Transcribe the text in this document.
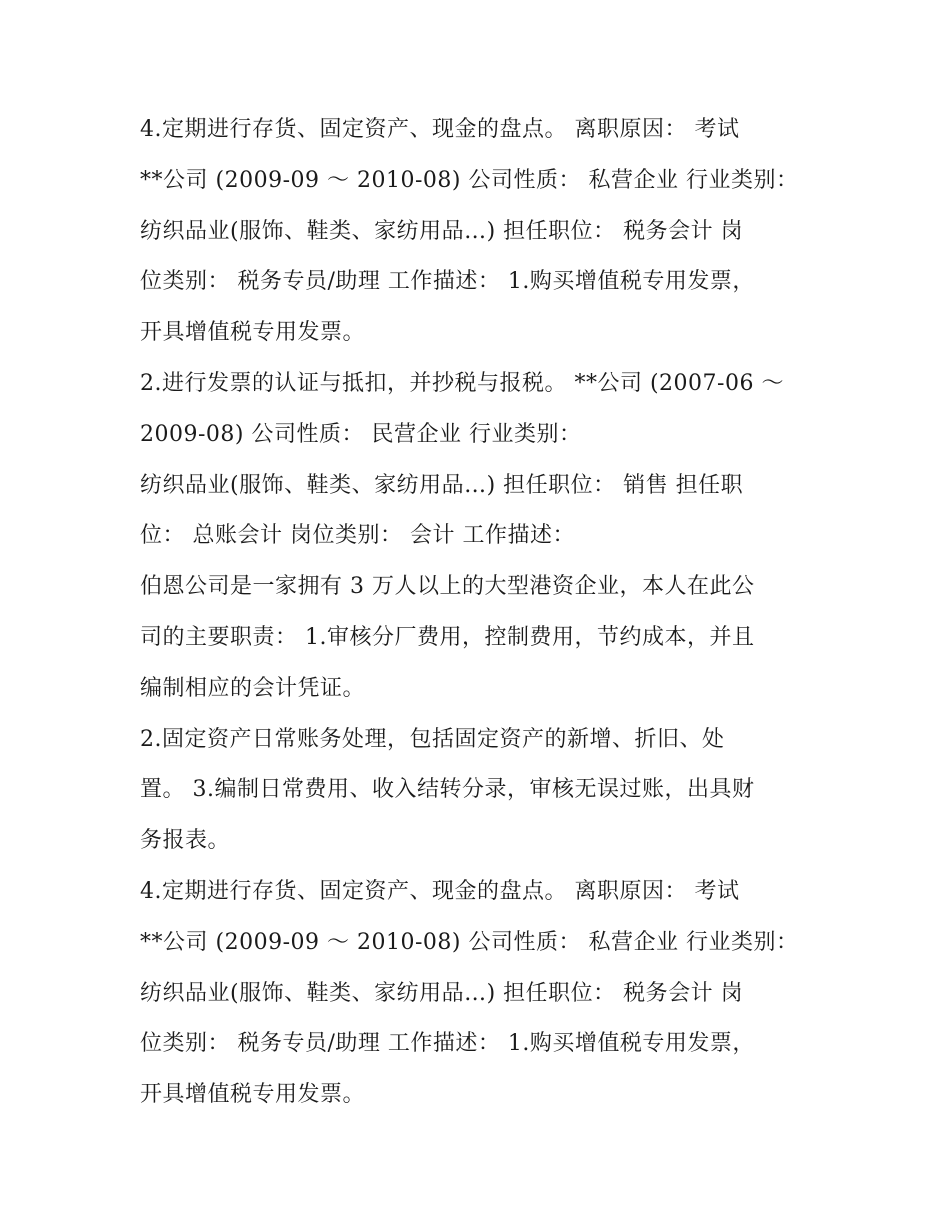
4.定期进行存货、固定资产、现金的盘点。 离职原因： 考试
**公司 (2009-09 ～ 2010-08) 公司性质： 私营企业 行业类别：
纺织品业(服饰、鞋类、家纺用品…) 担任职位： 税务会计 岗
位类别： 税务专员/助理 工作描述： 1.购买增值税专用发票，
开具增值税专用发票。
2.进行发票的认证与抵扣，并抄税与报税。 **公司 (2007-06 ～
2009-08) 公司性质： 民营企业 行业类别：
纺织品业(服饰、鞋类、家纺用品…) 担任职位： 销售 担任职
位： 总账会计 岗位类别： 会计 工作描述：
伯恩公司是一家拥有 3 万人以上的大型港资企业，本人在此公
司的主要职责： 1.审核分厂费用，控制费用，节约成本，并且
编制相应的会计凭证。
2.固定资产日常账务处理，包括固定资产的新增、折旧、处
置。 3.编制日常费用、收入结转分录，审核无误过账，出具财
务报表。
4.定期进行存货、固定资产、现金的盘点。 离职原因： 考试
**公司 (2009-09 ～ 2010-08) 公司性质： 私营企业 行业类别：
纺织品业(服饰、鞋类、家纺用品…) 担任职位： 税务会计 岗
位类别： 税务专员/助理 工作描述： 1.购买增值税专用发票，
开具增值税专用发票。
